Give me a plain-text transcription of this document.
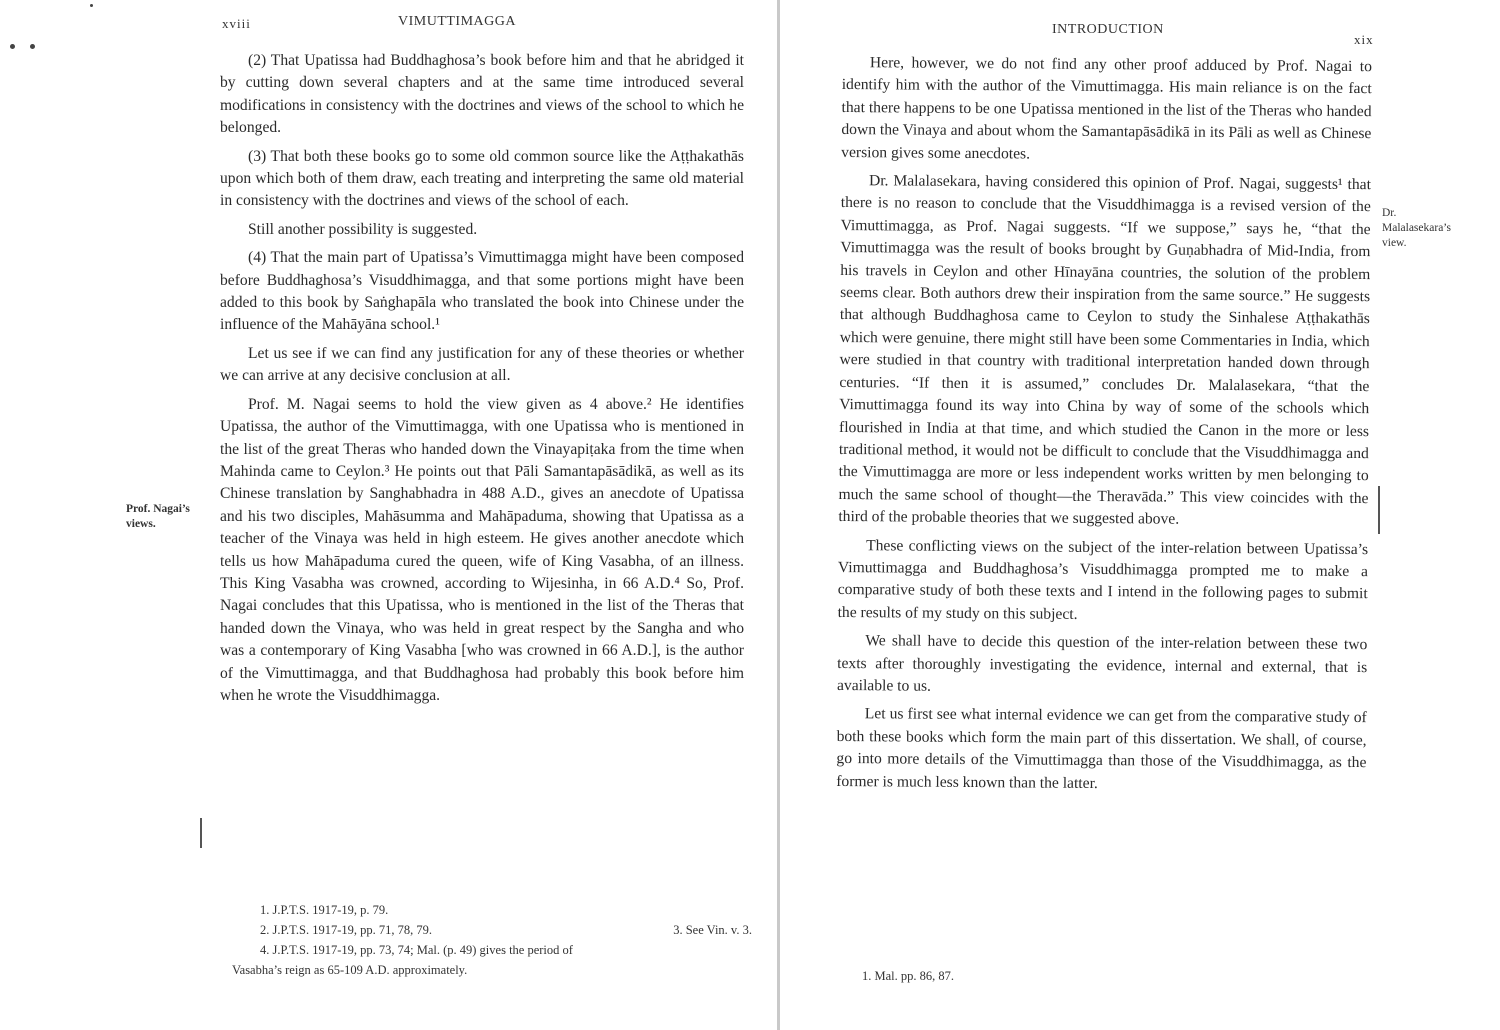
xviii	VIMUTTIMAGGA

(2) That Upatissa had Buddhaghosa’s book before him and that he abridged it by cutting down several chapters and at the same time introduced several modifications in consistency with the doctrines and views of the school to which he belonged.

(3) That both these books go to some old common source like the Aṭṭhakathās upon which both of them draw, each treating and interpreting the same old material in consistency with the doctrines and views of the school of each.

Still another possibility is suggested.

(4) That the main part of Upatissa’s Vimuttimagga might have been composed before Buddhaghosa’s Visuddhimagga, and that some portions might have been added to this book by Saṅghapāla who translated the book into Chinese under the influence of the Mahāyāna school.¹

Let us see if we can find any justification for any of these theories or whether we can arrive at any decisive conclusion at all.

Prof. M. Nagai seems to hold the view given as 4 above.² He identifies Upatissa, the author of the Vimuttimagga, with one Upatissa who is mentioned in the list of the great Theras who handed down the Vinayapiṭaka from the time when Mahinda came to Ceylon.³ He points out that Pāli Samantapāsādikā, as well as its Chinese translation by Sanghabhadra in 488 A.D., gives an anecdote of Upatissa and his two disciples, Mahāsumma and Mahāpaduma, showing that Upatissa as a teacher of the Vinaya was held in high esteem. He gives another anecdote which tells us how Mahāpaduma cured the queen, wife of King Vasabha, of an illness. This King Vasabha was crowned, according to Wijesinha, in 66 A.D.⁴ So, Prof. Nagai concludes that this Upatissa, who is mentioned in the list of the Theras that handed down the Vinaya, who was held in great respect by the Sangha and who was a contemporary of King Vasabha [who was crowned in 66 A.D.], is the author of the Vimuttimagga, and that Buddhaghosa had probably this book before him when he wrote the Visuddhimagga.

Prof. Nagai’s views.
1. J.P.T.S. 1917-19, p. 79.
2. J.P.T.S. 1917-19, pp. 71, 78, 79.	3. See Vin. v. 3.
4. J.P.T.S. 1917-19, pp. 73, 74; Mal. (p. 49) gives the period of
Vasabha’s reign as 65-109 A.D. approximately.
INTRODUCTION
xix

Here, however, we do not find any other proof adduced by Prof. Nagai to identify him with the author of the Vimuttimagga. His main reliance is on the fact that there happens to be one Upatissa mentioned in the list of the Theras who handed down the Vinaya and about whom the Samantapāsādikā in its Pāli as well as Chinese version gives some anecdotes.

Dr. Malalasekara, having considered this opinion of Prof. Nagai, suggests¹ that there is no reason to conclude that the Visuddhimagga is a revised version of the Vimuttimagga, as Prof. Nagai suggests. “If we suppose,” says he, “that the Vimuttimagga was the result of books brought by Guṇabhadra of Mid-India, from his travels in Ceylon and other Hīnayāna countries, the solution of the problem seems clear. Both authors drew their inspiration from the same source.” He suggests that although Buddhaghosa came to Ceylon to study the Sinhalese Aṭṭhakathās which were genuine, there might still have been some Commentaries in India, which were studied in that country with traditional interpretation handed down through centuries. “If then it is assumed,” concludes Dr. Malalasekara, “that the Vimuttimagga found its way into China by way of some of the schools which flourished in India at that time, and which studied the Canon in the more or less traditional method, it would not be difficult to conclude that the Visuddhimagga and the Vimuttimagga are more or less independent works written by men belonging to much the same school of thought—the Theravāda.” This view coincides with the third of the probable theories that we suggested above.

These conflicting views on the subject of the inter-relation between Upatissa’s Vimuttimagga and Buddhaghosa’s Visuddhimagga prompted me to make a comparative study of both these texts and I intend in the following pages to submit the results of my study on this subject.

We shall have to decide this question of the inter-relation between these two texts after thoroughly investigating the evidence, internal and external, that is available to us.

Let us first see what internal evidence we can get from the comparative study of both these books which form the main part of this dissertation. We shall, of course, go into more details of the Vimuttimagga than those of the Visuddhimagga, as the former is much less known than the latter.

Dr. Malalasekara’s view.
1. Mal. pp. 86, 87.
